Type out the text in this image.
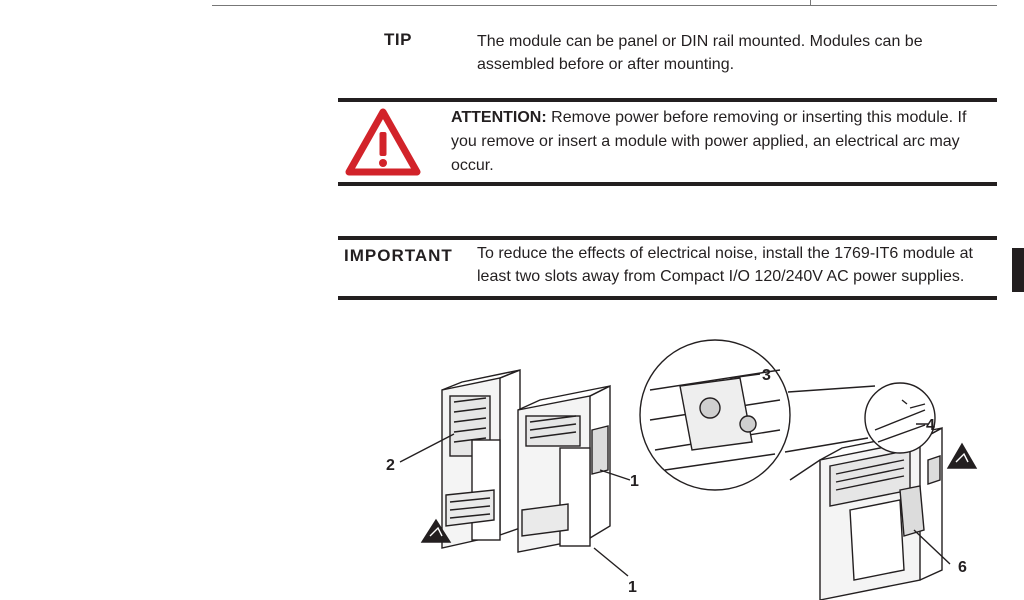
TIP	The module can be panel or DIN rail mounted. Modules can be assembled before or after mounting.
ATTENTION: Remove power before removing or inserting this module. If you remove or insert a module with power applied, an electrical arc may occur.
IMPORTANT To reduce the effects of electrical noise, install the 1769-IT6 module at least two slots away from Compact I/O 120/240V AC power supplies.
2
1
1
3
4
6
